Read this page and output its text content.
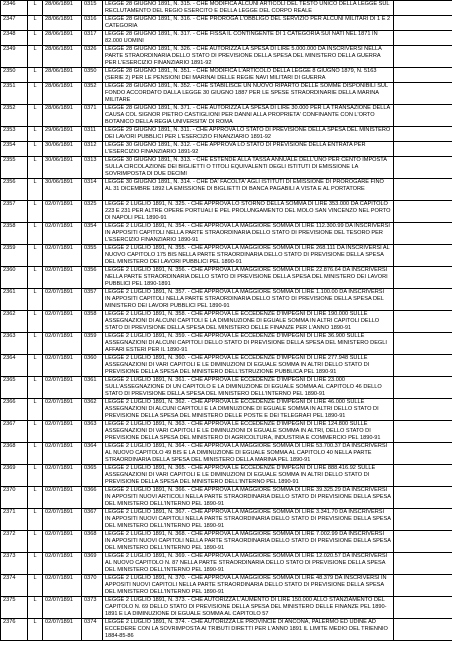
2346	L	28/06/1891	0315	LEGGE 28 GIUGNO 1891, N. 315. - CHE MODIFICA ALCUNI ARTICOLI DEL TESTO UNICO DELLA LEGGE SUL RECLUTAMENTO DEL REGIO ESERCITO E DELLA LEGGE DEL CORPO REALE	
2347	L	28/06/1891	0316	LEGGE 28 GIUGNO 1891, N. 316. - CHE PROROGA L'OBBLIGO DEL SERVIZIO PER ALCUNI MILITARI DI 1 E 2 CATEGORIA	
2348	L	28/06/1891	0317	LEGGE 28 GIUGNO 1891, N. 317. - CHE FISSA IL CONTINGENTE DI 1 CATEGORIA SUI NATI NEL 1871 IN 82.000 UOMINI	
2349	L	28/06/1891	0326	LEGGE 28 GIUGNO 1891, N. 326. - CHE AUTORIZZA LA SPESA DI LIRE 5.000.000 DA INSCRIVERSI NELLA PARTE STRAORDINARIA DELLO STATO DI PREVISIONE DELLA SPESA DEL MINISTERO DELLA GUERRA PER L'ESERCIZIO FINANZIARIO 1891-92	
2350	L	28/06/1891	0350	LEGGE 28 GIUGNO 1891, N. 351. - CHE MODIFICA L'ARTICOLO DELLA LEGGE 8 GIUGNO 1879, N. 5163 (SERIE 2) PER LE PENSIONI DEI MARINAI DELLE REGIE NAVI MILITARI DI GUERRA	
2351	L	28/06/1891	0352	LEGGE 28 GIUGNO 1891, N. 352. - CHE STABILISCE UN NUOVO RIPARTO DELLE SOMME DISPONIBILI SUL FONDO ACCORDATO DALLA LEGGE 30 GIUGNO 1887 PER LE SPESE STRAORDINARIE DELLA MARINA MILITARE	
2352	L	28/06/1891	0371	LEGGE 28 GIUGNO 1891, N. 371. - CHE AUTORIZZA LA SPESA DI LIRE 30.000 PER LA TRANSAZIONE DELLA CAUSA COL SIGNOR PIETRO CASTIGLIONI PER DANNI ALLA PROPRIETA' CONFINANTE CON L'ORTO BOTANICO DELLA REGIA UNIVERSITA' DI ROMA	
2353	L	29/06/1891	0311	LEGGE 29 GIUGNO 1891, N. 311. - CHE APPROVA LO STATO DI PREVISIONE DELLA SPESA DEL MINISTERO DEI LAVORI PUBBLICI PER L'ESERCIZIO FINANZIARIO 1891-92	
2354	L	30/06/1891	0312	LEGGE 30 GIUGNO 1891, N. 312. - CHE APPROVA LO STATO DI PREVISIONE DELLA ENTRATA PER L'ESERCIZIO FINANZIARIO 1891-92	
2355	L	30/06/1891	0313	LEGGE 30 GIUGNO 1891, N. 313. - CHE ESTENDE ALLA TASSA ANNUALE DELL'UNO PER CENTO IMPOSTA SULLA CIRCOLAZIONE DEI BIGLIETTI O TITOLI EQUIVALENTI DEGLI ISTITUTI DI EMISSIONE LA SOVRIMPOSTA DI DUE DECIMI	
2356	L	30/06/1891	0314	LEGGE 30 GIUGNO 1891, N. 314. - CHE DA' FACOLTA' AGLI ISTITUTI DI EMISSIONE DI PROROGARE FINO AL 31 DICEMBRE 1892 LA EMISSIONE DI BIGLIETTI DI BANCA PAGABILI A VISTA E AL PORTATORE	
2357	L	02/07/1891	0325	LEGGE 2 LUGLIO 1891, N. 325. - CHE APPROVA LO STORNO DELLA SOMMA DI LIRE 353.000 DA CAPITOLO 223 E 231 PER ALTRE OPERE PORTUALI E PEL PROLUNGAMENTO DEL MOLO SAN VINCENZO NEL PORTO DI NAPOLI PEL 1890-91	
2358	L	02/07/1891	0354	LEGGE 2 LUGLIO 1891, N. 354. - CHE APPROVA LA MAGGIORE SOMMA DI LIRE 112.300.99 DA INSCRIVERSI IN APPOSITI CAPITOLI NELLA PARTE STRAORDINARIA DELLO STATO DI PREVISIONE DEL TESORO PER L'ESERCIZIO FINANZIARIO 1890-91	
2359	L	02/07/1891	0355	LEGGE 2 LUGLIO 1891, N. 355. - CHE APPROVA LA MAGGIORE SOMMA DI LIRE 268.111 DA INSCRIVERSI AL NUOVO CAPITOLO 175 BIS NELLA PARTE STRAORDINARIA DELLO STATO DI PREVISIONE DELLA SPESA DEL MINISTERO DEI LAVORI PUBBLICI PEL 1890-91	
2360	L	02/07/1891	0356	LEGGE 2 LUGLIO 1891, N. 356. - CHE APPROVA LA MAGGIORE SOMMA DI LIRE 22.876.64 DA INSCRIVERSI NELLA PARTE STRAORDINARIA DELLO STATO DI PREVISIONE DELLA SPESA DEL MINISTERO DEI LAVORI PUBBLICI PEL 1890-1891	
2361	L	02/07/1891	0357	LEGGE 2 LUGLIO 1891, N. 357. - CHE APPROVA LA MAGGIORE SOMMA DI LIRE 1.100.00 DA INSCRIVERSI IN APPOSITI CAPITOLI NELLA PARTE STRAORDINARIA DELLO STATO DI PREVISIONE DELLA SPESA DEL MINISTERO DEI LAVORI PUBBLICI PEL 1890-91	
2362	L	02/07/1891	0358	LEGGE 2 LUGLIO 1891, N. 358. - CHE APPROVA LE ECCEDENZE D'IMPEGNI DI LIRE 190.000 SULLE ASSEGNAZIONI DI ALCUNI CAPITOLI E LA DIMINUZIONE DI EGUALE SOMMA IN ALTRI CAPITOLI DELLO STATO DI PREVISIONE DELLA SPESA DEL MINISTERO DELLE FINANZE PER L'ANNO 1890-91	
2363	L	02/07/1891	0359	LEGGE 2 LUGLIO 1891, N. 359. - CHE APPROVA LE ECCEDENZE D'IMPEGNI DI LIRE 36.900 SULLE ASSEGNAZIONI DI ALCUNI CAPITOLI DELLO STATO DI PREVISIONE DELLA SPESA DEL MINISTERO DEGLI AFFARI ESTERI PER IL 1890-91	
2364	L	02/07/1891	0360	LEGGE 2 LUGLIO 1891, N. 360. - CHE APPROVA LE ECCEDENZE D'IMPEGNI DI LIRE 277.948 SULLE ASSEGNAZIONI DI VARI CAPITOLI E LE DIMINUZIONI DI EGUALE SOMMA IN ALTRI DELLO STATO DI PREVISIONE DELLA SPESA DEL MINISTERO DELL'ISTRUZIONE PUBBLICA PEL 1890-91	
2365	L	02/07/1891	0361	LEGGE 2 LUGLIO 1891, N. 361. - CHE APPROVA LE ECCEDENZE D'IMPEGNI DI LIRE 23.000 SULL'ASSEGNAZIONE DI UN CAPITOLO E LA DIMINUZIONE DI EGUALE SOMMA AL CAPITOLO 46 DELLO STATO DI PREVISIONE DELLA SPESA DEL MINISTERO DELL'INTERNO PEL 1890-91	
2366	L	02/07/1891	0362	LEGGE 2 LUGLIO 1891, N. 362. - CHE APPROVA LE ECCEDENZE D'IMPEGNI DI LIRE 46.000 SULLE ASSEGNAZIONI DI ALCUNI CAPITOLI E LA DIMINUZIONE DI EGUALE SOMMA IN ALTRI DELLO STATO DI PREVISIONE DELLA SPESA DEL MINISTERO DELLE POSTE E DEI TELEGRAFI PEL 1890-91	
2367	L	02/07/1891	0363	LEGGE 2 LUGLIO 1891, N. 363. - CHE APPROVA LE ECCEDENZE D'IMPEGNI DI LIRE 124.800 SULLE ASSEGNAZIONI DI VARI CAPITOLI E LE DIMINUZIONI DI EGUALE SOMMA IN ALTRI, DELLO STATO DI PREVISIONE DELLA SPESA DEL MINISTERO DI AGRICOLTURA, INDUSTRIA E COMMERCIO PEL 1890-91	
2368	L	02/07/1891	0364	LEGGE 2 LUGLIO 1891, N. 364. - CHE APPROVA LA MAGGIORE SOMMA DI LIRE 53.700.37 DA INSCRIVERSI AL NUOVO CAPITOLO 49 BIS E LA DIMINUZIONE DI EGUALE SOMMA AL CAPITOLO 40 NELLA PARTE STRAORDINARIA DELLA SPESA DEL MINISTERO DELLA MARINA PEL 1890-91	
2369	L	02/07/1891	0365	LEGGE 2 LUGLIO 1891, N. 365. - CHE APPROVA LE ECCEDENZE D'IMPEGNI DI LIRE 888.416.92 SULLE ASSEGNAZIONI DI VARI CAPITOLI E LE DIMINUZIONI DI EGUALE SOMMA IN ALTRI DELLO STATO DI PREVISIONE DELLA SPESA DEL MINISTERO DELL'INTERNO PEL 1890-91	
2370	L	02/07/1891	0366	LEGGE 2 LUGLIO 1891, N. 366. - CHE APPROVA LA MAGGIORE SOMMA DI LIRE 39.325.29 DA INSCRIVERSI IN APPOSITI NUOVI ARTICOLI NELLA PARTE STRAORDINARIA DELLO STATO DI PREVISIONE DELLA SPESA DEL MINISTERO DELL'INTERNO PEL 1890-91	
2371	L	02/07/1891	0367	LEGGE 2 LUGLIO 1891, N. 367. - CHE APPROVA LA MAGGIORE SOMMA DI LIRE 3.341.70 DA INSCRIVERSI IN APPOSITI NUOVI CAPITOLI NELLA PARTE STRAORDINARIA DELLO STATO DI PREVISIONE DELLA SPESA DEL MINISTERO DELL'INTERNO PEL 1890-91	
2372	L	02/07/1891	0368	LEGGE 2 LUGLIO 1891, N. 368. - CHE APPROVA LA MAGGIORE SOMMA DI LIRE 7.002.99 DA INSCRIVERSI IN APPOSITI NUOVI CAPITOLI NELLA PARTE STRAORDINARIA DELLO STATO DI PREVISIONE DELLA SPESA DEL MINISTERO DELL'INTERNO PEL 1890-91	
2373	L	02/07/1891	0369	LEGGE 2 LUGLIO 1891, N. 369. - CHE APPROVA LA MAGGIORE SOMMA DI LIRE 12.020.57 DA INSCRIVERSI AL NUOVO CAPITOLO N. 87 NELLA PARTE STRAORDINARIA DELLO STATO DI PREVISIONE DELLA SPESA DEL MINISTERO DELL'INTERNO PEL 1890-91	
2374	L	02/07/1891	0370	LEGGE 2 LUGLIO 1891, N. 370. - CHE APPROVA LA MAGGIORE SOMMA DI LIRE 48.379 DA INSCRIVERSI IN APPOSITI NUOVI CAPITOLI NELLA PARTE STRAORDINARIA DELLO STATO DI PREVISIONE DELLA SPESA DEL MINISTERO DELL'INTERNO PEL 1890-91	
2375	L	02/07/1891	0373	LEGGE 2 LUGLIO 1891, N. 373. - CHE AUTORIZZA L'AUMENTO DI LIRE 150.000 ALLO STANZIAMENTO DEL CAPITOLO N. 69 DELLO STATO DI PREVISIONE DELLA SPESA DEL MINISTERO DELLE FINANZE PEL 1890-1891 E LA DIMINUZIONE DI EGUALE SOMMA AL CAPITOLO 57	
2376	L	02/07/1891	0374	LEGGE 2 LUGLIO 1891, N. 374. - CHE AUTORIZZA LE PROVINCIE DI ANCONA, PALERMO ED UDINE AD ECCEDERE CON LA SOVRIMPOSTA AI TRIBUTI DIRETTI PER L'ANNO 1891 IL LIMITE MEDIO DEL TRIENNIO 1884-85-86	
